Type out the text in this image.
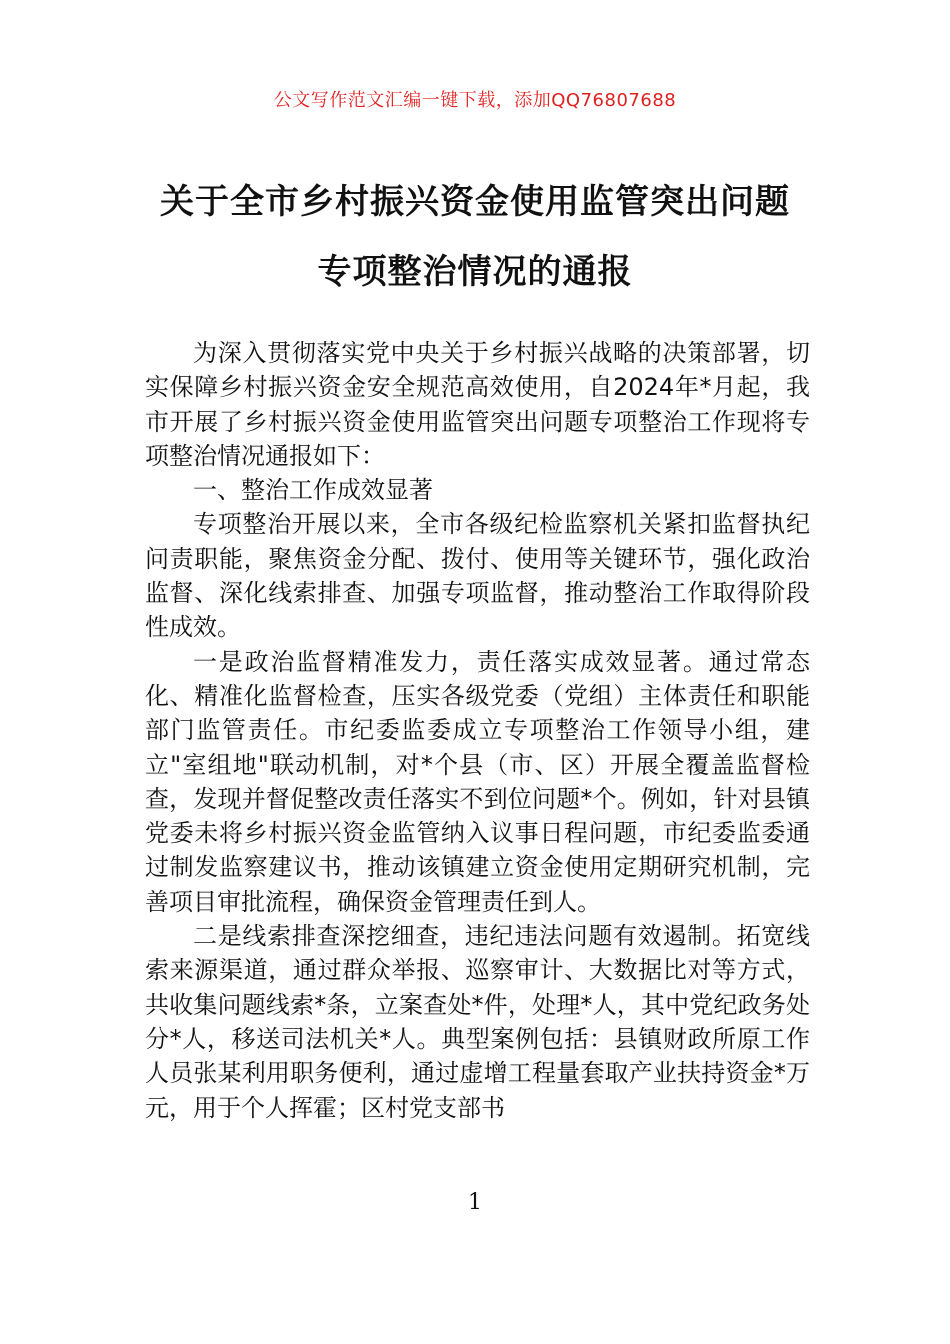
公文写作范文汇编一键下载，添加QQ76807688
关于全市乡村振兴资金使用监管突出问题
专项整治情况的通报

为深入贯彻落实党中央关于乡村振兴战略的决策部署，切实保障乡村振兴资金安全规范高效使用，自2024年*月起，我市开展了乡村振兴资金使用监管突出问题专项整治工作现将专项整治情况通报如下：

一、整治工作成效显著

专项整治开展以来，全市各级纪检监察机关紧扣监督执纪问责职能，聚焦资金分配、拨付、使用等关键环节，强化政治监督、深化线索排查、加强专项监督，推动整治工作取得阶段性成效。

一是政治监督精准发力，责任落实成效显著。通过常态化、精准化监督检查，压实各级党委（党组）主体责任和职能部门监管责任。市纪委监委成立专项整治工作领导小组，建立"室组地"联动机制，对*个县（市、区）开展全覆盖监督检查，发现并督促整改责任落实不到位问题*个。例如，针对县镇党委未将乡村振兴资金监管纳入议事日程问题，市纪委监委通过制发监察建议书，推动该镇建立资金使用定期研究机制，完善项目审批流程，确保资金管理责任到人。

二是线索排查深挖细查，违纪违法问题有效遏制。拓宽线索来源渠道，通过群众举报、巡察审计、大数据比对等方式，共收集问题线索*条，立案查处*件，处理*人，其中党纪政务处分*人，移送司法机关*人。典型案例包括：县镇财政所原工作人员张某利用职务便利，通过虚增工程量套取产业扶持资金*万元，用于个人挥霍；区村党支部书

1
